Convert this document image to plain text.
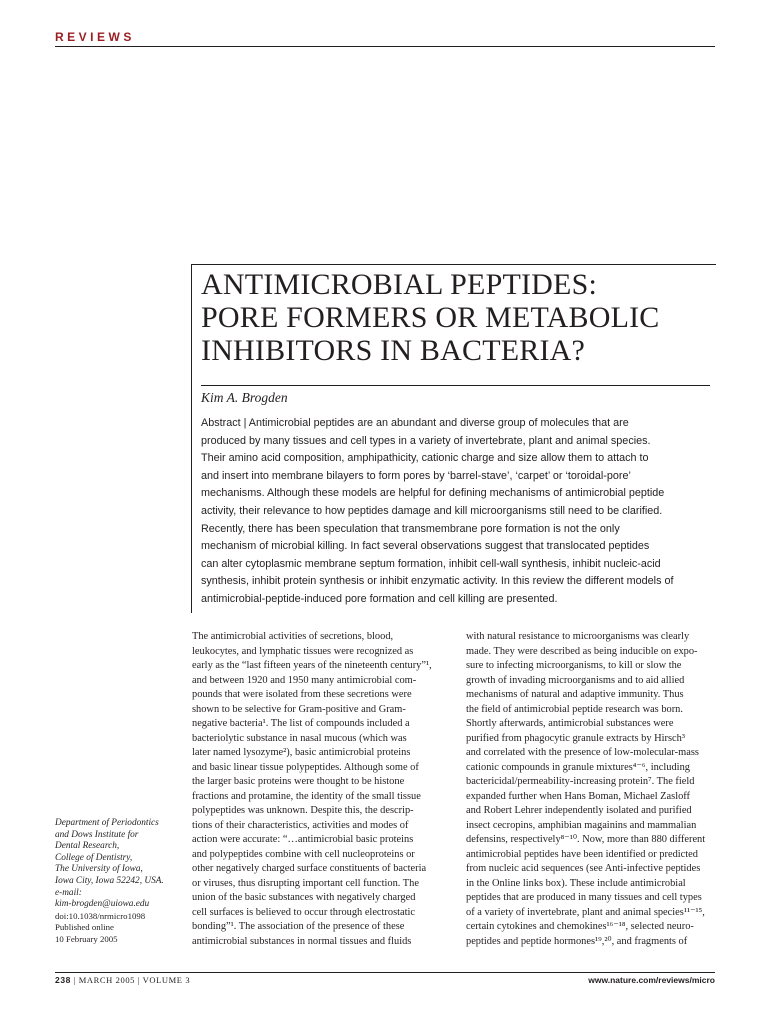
REVIEWS
ANTIMICROBIAL PEPTIDES:
PORE FORMERS OR METABOLIC
INHIBITORS IN BACTERIA?
Kim A. Brogden
Abstract | Antimicrobial peptides are an abundant and diverse group of molecules that are
produced by many tissues and cell types in a variety of invertebrate, plant and animal species.
Their amino acid composition, amphipathicity, cationic charge and size allow them to attach to
and insert into membrane bilayers to form pores by ‘barrel-stave’, ‘carpet’ or ‘toroidal-pore’
mechanisms. Although these models are helpful for defining mechanisms of antimicrobial peptide
activity, their relevance to how peptides damage and kill microorganisms still need to be clarified.
Recently, there has been speculation that transmembrane pore formation is not the only
mechanism of microbial killing. In fact several observations suggest that translocated peptides
can alter cytoplasmic membrane septum formation, inhibit cell-wall synthesis, inhibit nucleic-acid
synthesis, inhibit protein synthesis or inhibit enzymatic activity. In this review the different models of
antimicrobial-peptide-induced pore formation and cell killing are presented.
The antimicrobial activities of secretions, blood,
leukocytes, and lymphatic tissues were recognized as
early as the “last fifteen years of the nineteenth century”¹,
and between 1920 and 1950 many antimicrobial com-
pounds that were isolated from these secretions were
shown to be selective for Gram-positive and Gram-
negative bacteria¹. The list of compounds included a
bacteriolytic substance in nasal mucous (which was
later named lysozyme²), basic antimicrobial proteins
and basic linear tissue polypeptides. Although some of
the larger basic proteins were thought to be histone
fractions and protamine, the identity of the small tissue
polypeptides was unknown. Despite this, the descrip-
tions of their characteristics, activities and modes of
action were accurate: “…antimicrobial basic proteins
and polypeptides combine with cell nucleoproteins or
other negatively charged surface constituents of bacteria
or viruses, thus disrupting important cell function. The
union of the basic substances with negatively charged
cell surfaces is believed to occur through electrostatic
bonding”¹. The association of the presence of these
antimicrobial substances in normal tissues and fluids
with natural resistance to microorganisms was clearly
made. They were described as being inducible on expo-
sure to infecting microorganisms, to kill or slow the
growth of invading microorganisms and to aid allied
mechanisms of natural and adaptive immunity. Thus
the field of antimicrobial peptide research was born.
Shortly afterwards, antimicrobial substances were
purified from phagocytic granule extracts by Hirsch³
and correlated with the presence of low-molecular-mass
cationic compounds in granule mixtures⁴⁻⁶, including
bactericidal/permeability-increasing protein⁷. The field
expanded further when Hans Boman, Michael Zasloff
and Robert Lehrer independently isolated and purified
insect cecropins, amphibian magainins and mammalian
defensins, respectively⁸⁻¹⁰. Now, more than 880 different
antimicrobial peptides have been identified or predicted
from nucleic acid sequences (see Anti-infective peptides
in the Online links box). These include antimicrobial
peptides that are produced in many tissues and cell types
of a variety of invertebrate, plant and animal species¹¹⁻¹⁵,
certain cytokines and chemokines¹⁶⁻¹⁸, selected neuro-
peptides and peptide hormones¹⁹,²⁰, and fragments of
Department of Periodontics
and Dows Institute for
Dental Research,
College of Dentistry,
The University of Iowa,
Iowa City, Iowa 52242, USA.
e-mail:
kim-brogden@uiowa.edu
doi:10.1038/nrmicro1098
Published online
10 February 2005
238 | MARCH 2005 | VOLUME 3	www.nature.com/reviews/micro
